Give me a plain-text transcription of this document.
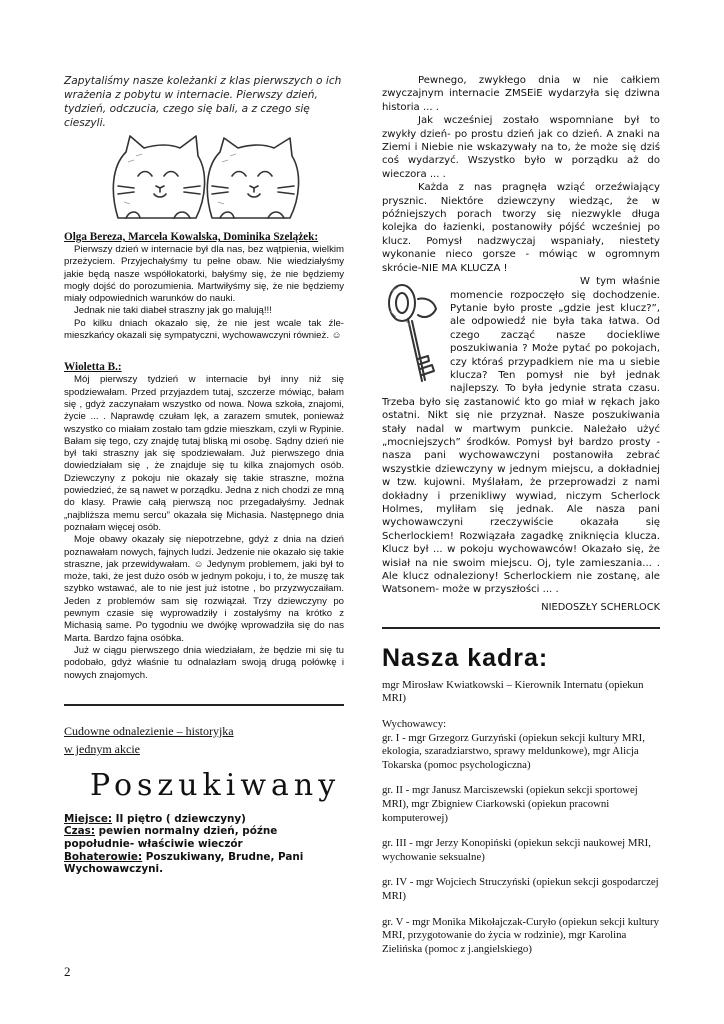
Zapytaliśmy nasze koleżanki z klas pierwszych o ich wrażenia z pobytu w internacie. Pierwszy dzień, tydzień, odczucia, czego się bali, a z czego się cieszyli.

Olga Bereza, Marcela Kowalska, Dominika Szelążek:

Pierwszy dzień w internacie był dla nas, bez wątpienia, wielkim przeżyciem. Przyjechałyśmy tu pełne obaw. Nie wiedziałyśmy jakie będą nasze współlokatorki, bałyśmy się, że nie będziemy mogły dojść do porozumienia. Martwiłyśmy się, że nie będziemy miały odpowiednich warunków do nauki.

Jednak nie taki diabeł straszny jak go malują!!!

Po kilku dniach okazało się, że nie jest wcale tak źle- mieszkańcy okazali się sympatyczni, wychowawczyni również. ☺

Wioletta B.:

Mój pierwszy tydzień w internacie był inny niż się spodziewałam. Przed przyjazdem tutaj, szczerze mówiąc, bałam się , gdyż zaczynałam wszystko od nowa. Nowa szkoła, znajomi, życie ... . Naprawdę czułam lęk, a zarazem smutek, ponieważ wszystko co miałam zostało tam gdzie mieszkam, czyli w Rypinie. Bałam się tego, czy znajdę tutaj bliską mi osobę. Sądny dzień nie był taki straszny jak się spodziewałam. Już pierwszego dnia dowiedziałam się , że znajduje się tu kilka znajomych osób. Dziewczyny z pokoju nie okazały się takie straszne, można powiedzieć, że są nawet w porządku. Jedna z nich chodzi ze mną do klasy. Prawie całą pierwszą noc przegadałyśmy. Jednak „najbliższa memu sercu” okazała się Michasia. Następnego dnia poznałam więcej osób.

Moje obawy okazały się niepotrzebne, gdyż z dnia na dzień poznawałam nowych, fajnych ludzi. Jedzenie nie okazało się takie straszne, jak przewidywałam. ☺ Jedynym problemem, jaki był to może, taki, że jest dużo osób w jednym pokoju, i to, że muszę tak szybko wstawać, ale to nie jest już istotne , bo przyzwyczaiłam. Jeden z problemów sam się rozwiązał. Trzy dziewczyny po pewnym czasie się wyprowadziły i zostałyśmy na krótko z Michasią same. Po tygodniu we dwójkę wprowadziła się do nas Marta. Bardzo fajna osóbka.

Już w ciągu pierwszego dnia wiedziałam, że będzie mi się tu podobało, gdyż właśnie tu odnalazłam swoją drugą połówkę i nowych znajomych.

Cudowne odnalezienie – historyjka

w jednym akcie

Poszukiwany

Miejsce: II piętro ( dziewczyny)

Czas: pewien normalny dzień, późne popołudnie- właściwie wieczór

Bohaterowie: Poszukiwany, Brudne, Pani Wychowawczyni.

Pewnego, zwykłego dnia w nie całkiem zwyczajnym internacie ZMSEiE wydarzyła się dziwna historia ... .

Jak wcześniej zostało wspomniane był to zwykły dzień- po prostu dzień jak co dzień. A znaki na Ziemi i Niebie nie wskazywały na to, że może się dziś coś wydarzyć. Wszystko było w porządku aż do wieczora ... .

Każda z nas pragnęła wziąć orzeźwiający prysznic. Niektóre dziewczyny wiedząc, że w późniejszych porach tworzy się niezwykle długa kolejka do łazienki, postanowiły pójść wcześniej po klucz. Pomysł nadzwyczaj wspaniały, niestety wykonanie nieco gorsze - mówiąc w ogromnym skrócie-NIE MA KLUCZA !

W tym właśnie momencie rozpoczęło się dochodzenie. Pytanie było proste „gdzie jest klucz?”, ale odpowiedź nie była taka łatwa. Od czego zacząć nasze dociekliwe poszukiwania ? Może pytać po pokojach, czy któraś przypadkiem nie ma u siebie klucza? Ten pomysł nie był jednak najlepszy. To była jedynie strata czasu. Trzeba było się zastanowić kto go miał w rękach jako ostatni. Nikt się nie przyznał. Nasze poszukiwania stały nadal w martwym punkcie. Należało użyć „mocniejszych” środków. Pomysł był bardzo prosty - nasza pani wychowawczyni postanowiła zebrać wszystkie dziewczyny w jednym miejscu, a dokładniej w tzw. kujowni. Myślałam, że przeprowadzi z nami dokładny i przenikliwy wywiad, niczym Scherlock Holmes, myliłam się jednak. Ale nasza pani wychowawczyni rzeczywiście okazała się Scherlockiem! Rozwiązała zagadkę zniknięcia klucza. Klucz był ... w pokoju wychowawców! Okazało się, że wisiał na nie swoim miejscu. Oj, tyle zamieszania... . Ale klucz odnaleziony! Scherlockiem nie zostanę, ale Watsonem- może w przyszłości ... .

NIEDOSZŁY SCHERLOCK

Nasza kadra:

mgr Mirosław Kwiatkowski – Kierownik Internatu (opiekun MRI)

Wychowawcy:

gr. I - mgr Grzegorz Gurzyński (opiekun sekcji kultury MRI, ekologia, szaradziarstwo, sprawy meldunkowe), mgr Alicja Tokarska (pomoc psychologiczna)

gr. II - mgr Janusz Marciszewski (opiekun sekcji sportowej MRI), mgr Zbigniew Ciarkowski (opiekun pracowni komputerowej)

gr. III - mgr Jerzy Konopiński (opiekun sekcji naukowej MRI, wychowanie seksualne)

gr. IV - mgr Wojciech Struczyński (opiekun sekcji gospodarczej MRI)

gr. V - mgr Monika Mikołajczak-Curyło (opiekun sekcji kultury MRI, przygotowanie do życia w rodzinie), mgr Karolina Zielińska (pomoc z j.angielskiego)

2
